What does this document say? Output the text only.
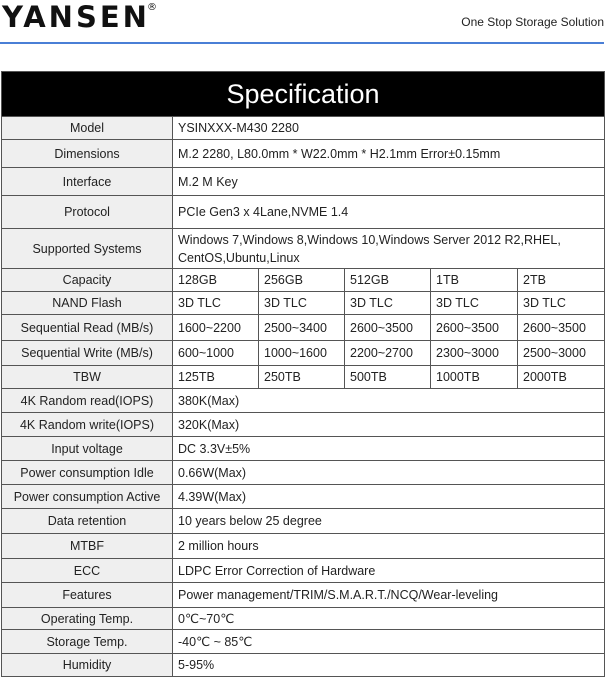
YANSEN
®
One Stop Storage Solution
Specification					
Model	YSINXXX-M430 2280				
Dimensions	M.2 2280, L80.0mm * W22.0mm * H2.1mm Error±0.15mm				
Interface	M.2 M Key				
Protocol	PCIe Gen3 x 4Lane,NVME 1.4				
Supported Systems	Windows 7,Windows 8,Windows 10,Windows Server 2012 R2,RHEL,
CentOS,Ubuntu,Linux				

Capacity	128GB	256GB	512GB	1TB	2TB
NAND Flash	3D TLC	3D TLC	3D TLC	3D TLC	3D TLC
Sequential Read (MB/s)	1600~2200	2500~3400	2600~3500	2600~3500	2600~3500
Sequential Write (MB/s)	600~1000	1000~1600	2200~2700	2300~3000	2500~3000
TBW	125TB	250TB	500TB	1000TB	2000TB
4K Random read(IOPS)	380K(Max)				
4K Random write(IOPS)	320K(Max)				
Input voltage	DC 3.3V±5%				
Power consumption Idle	0.66W(Max)				
Power consumption Active	4.39W(Max)				
Data retention	10 years below 25 degree				
MTBF	2 million hours				
ECC	LDPC Error Correction of Hardware				
Features	Power management/TRIM/S.M.A.R.T./NCQ/Wear-leveling				
Operating Temp.	0℃~70℃				
Storage Temp.	-40℃ ~ 85℃				
Humidity	5-95%				
